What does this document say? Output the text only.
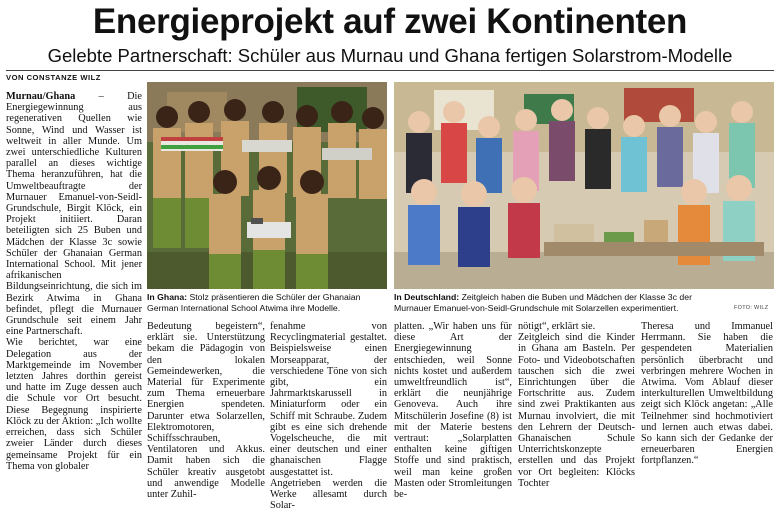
Energieprojekt auf zwei Kontinenten
Gelebte Partnerschaft: Schüler aus Murnau und Ghana fertigen Solarstrom-Modelle
VON CONSTANZE WILZ
Murnau/Ghana – Die Energiegewinnung aus regenerativen Quellen wie Sonne, Wind und Wasser ist weltweit in aller Munde. Um zwei unterschiedliche Kulturen parallel an dieses wichtige Thema heranzuführen, hat die Umweltbeauftragte der Murnauer Emanuel-von-Seidl-Grundschule, Birgit Klöck, ein Projekt initiiert. Daran beteiligten sich 25 Buben und Mädchen der Klasse 3c sowie Schüler der Ghanaian German International School. Mit jener afrikanischen Bildungseinrichtung, die sich im Bezirk Atwima in Ghana befindet, pflegt die Murnauer Grundschule seit einem Jahr eine Partnerschaft.
Wie berichtet, war eine Delegation aus der Marktgemeinde im November letzten Jahres dorthin gereist und hatte im Zuge dessen auch die Schule vor Ort besucht. Diese Begegnung inspirierte Klöck zu der Aktion: „Ich wollte erreichen, dass sich Schüler zweier Länder durch dieses gemeinsame Projekt für ein Thema von globaler
In Ghana: Stolz präsentieren die Schüler der Ghanaian German International School Atwima ihre Modelle.
In Deutschland: Zeitgleich haben die Buben und Mädchen der Klasse 3c der Murnauer Emanuel-von-Seidl-Grundschule mit Solarzellen experimentiert.	FOTO: WILZ
Bedeutung begeistern“, erklärt sie. Unterstützung bekam die Pädagogin von den lokalen Gemeindewerken, die Material für Experimente zum Thema erneuerbare Energien spendeten. Darunter etwa Solarzellen, Elektromotoren, Schiffsschrauben, Ventilatoren und Akkus. Damit haben sich die Schüler kreativ ausgetobt und anwendige Modelle unter Zuhil-
fenahme von Recyclingmaterial gestaltet. Beispielsweise einen Morseapparat, der verschiedene Töne von sich gibt, ein Jahrmarktskarussell in Miniaturform oder ein Schiff mit Schraube. Zudem gibt es eine sich drehende Vogelscheuche, die mit einer deutschen und einer ghanaischen Flagge ausgestattet ist.
Angetrieben werden die Werke allesamt durch Solar-
platten. „Wir haben uns für diese Art der Energiegewinnung entschieden, weil Sonne nichts kostet und außerdem umweltfreundlich ist“, erklärt die neunjährige Genoveva. Auch ihre Mitschülerin Josefine (8) ist mit der Materie bestens vertraut: „Solarplatten enthalten keine giftigen Stoffe und sind praktisch, weil man keine großen Masten oder Stromleitungen be-
nötigt“, erklärt sie.
Zeitgleich sind die Kinder in Ghana am Basteln. Per Foto- und Videobotschaften tauschen sich die zwei Einrichtungen über die Fortschritte aus. Zudem sind zwei Praktikanten aus Murnau involviert, die mit den Lehrern der Deutsch-Ghanaischen Schule Unterrichtskonzepte erstellen und das Projekt vor Ort begleiten: Klöcks Tochter
Theresa und Immanuel Herrmann. Sie haben die gespendeten Materialien persönlich überbracht und verbringen mehrere Wochen in Atwima. Vom Ablauf dieser interkulturellen Umweltbildung zeigt sich Klöck angetan: „Alle Teilnehmer sind hochmotiviert und lernen auch etwas dabei. So kann sich der Gedanke der erneuerbaren Energien fortpflanzen.“
